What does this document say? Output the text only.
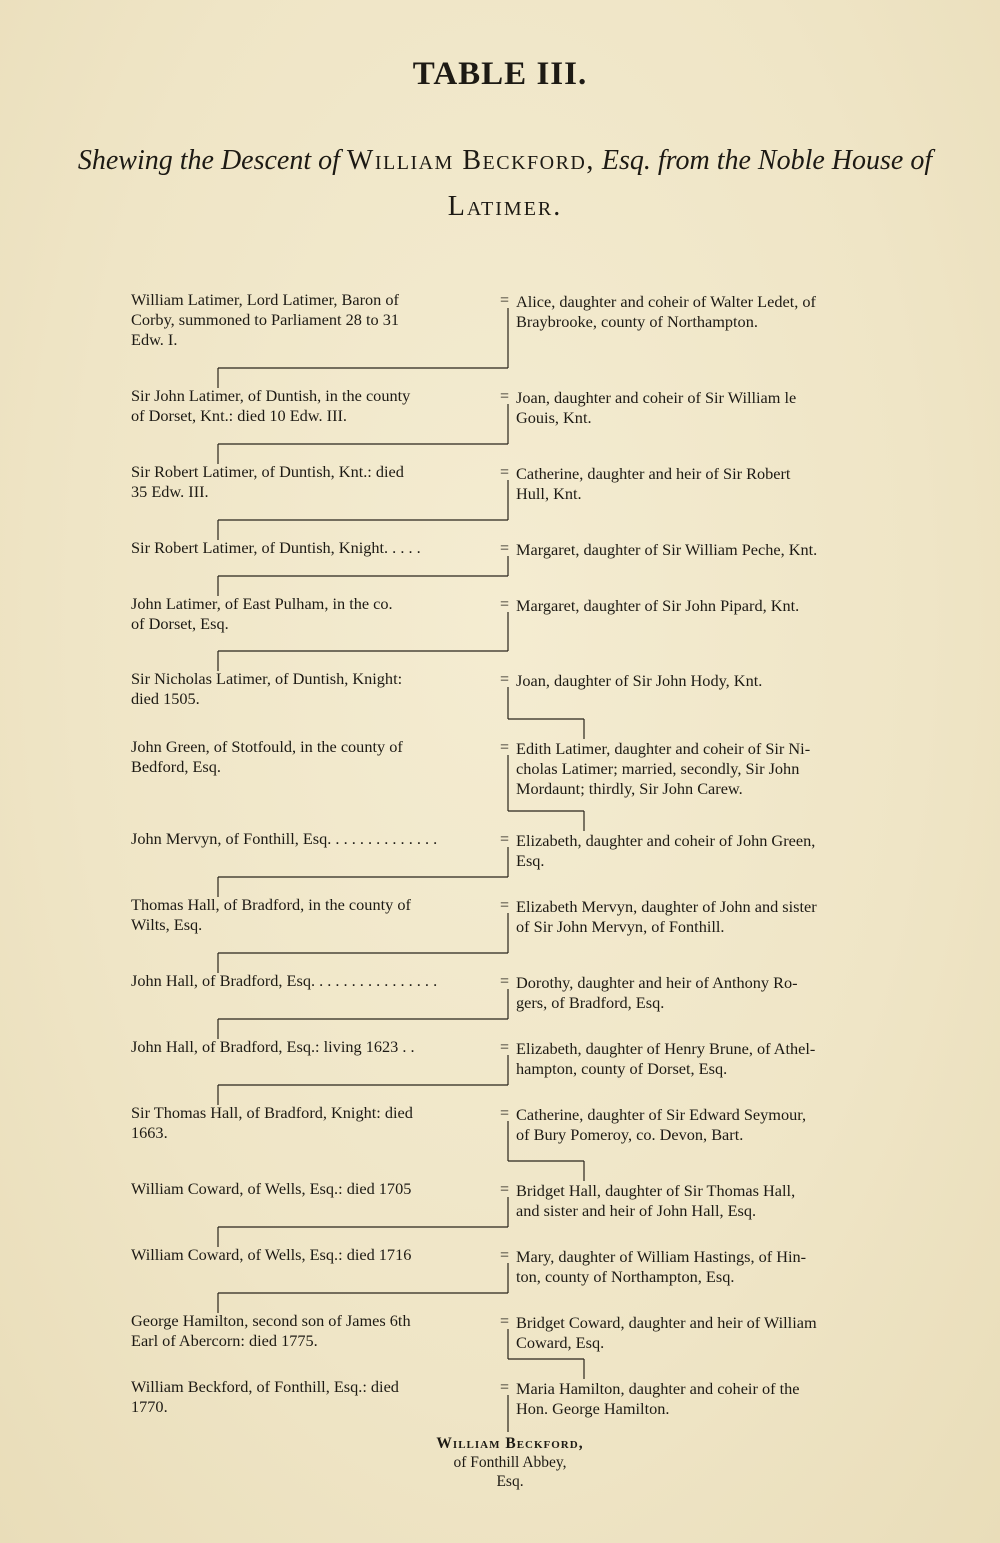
TABLE III.
Shewing the Descent of William Beckford, Esq. from the Noble House of
Latimer.
William Latimer, Lord Latimer, Baron of
Corby, summoned to Parliament 28 to 31
Edw. I.
= Alice, daughter and coheir of Walter Ledet, of
Braybrooke, county of Northampton.
Sir John Latimer, of Duntish, in the county
of Dorset, Knt.: died 10 Edw. III.
= Joan, daughter and coheir of Sir William le
Gouis, Knt.
Sir Robert Latimer, of Duntish, Knt.: died
35 Edw. III.
= Catherine, daughter and heir of Sir Robert
Hull, Knt.
Sir Robert Latimer, of Duntish, Knight. . . . .	= Margaret, daughter of Sir William Peche, Knt.
John Latimer, of East Pulham, in the co.
of Dorset, Esq.
= Margaret, daughter of Sir John Pipard, Knt.
Sir Nicholas Latimer, of Duntish, Knight:
died 1505.
= Joan, daughter of Sir John Hody, Knt.
John Green, of Stotfould, in the county of
Bedford, Esq.
= Edith Latimer, daughter and coheir of Sir Ni-
cholas Latimer; married, secondly, Sir John
Mordaunt; thirdly, Sir John Carew.
John Mervyn, of Fonthill, Esq. . . . . . . . . . . . . .	= Elizabeth, daughter and coheir of John Green,
Esq.
Thomas Hall, of Bradford, in the county of
Wilts, Esq.
= Elizabeth Mervyn, daughter of John and sister
of Sir John Mervyn, of Fonthill.
John Hall, of Bradford, Esq. . . . . . . . . . . . . . . .	= Dorothy, daughter and heir of Anthony Ro-
gers, of Bradford, Esq.
John Hall, of Bradford, Esq.: living 1623 . .	= Elizabeth, daughter of Henry Brune, of Athel-
hampton, county of Dorset, Esq.
Sir Thomas Hall, of Bradford, Knight: died
1663.
= Catherine, daughter of Sir Edward Seymour,
of Bury Pomeroy, co. Devon, Bart.
William Coward, of Wells, Esq.: died 1705	= Bridget Hall, daughter of Sir Thomas Hall,
and sister and heir of John Hall, Esq.
William Coward, of Wells, Esq.: died 1716	= Mary, daughter of William Hastings, of Hin-
ton, county of Northampton, Esq.
George Hamilton, second son of James 6th
Earl of Abercorn: died 1775.
= Bridget Coward, daughter and heir of William
Coward, Esq.
William Beckford, of Fonthill, Esq.: died
1770.
= Maria Hamilton, daughter and coheir of the
Hon. George Hamilton.
William Beckford,
of Fonthill Abbey,
Esq.
